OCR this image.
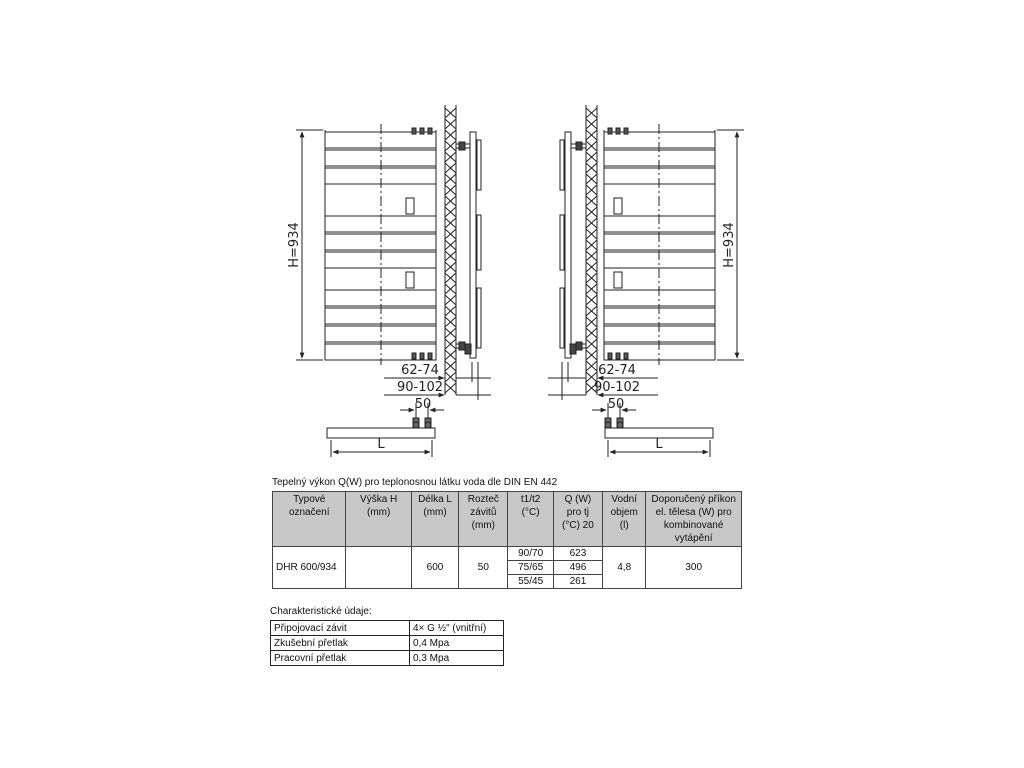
H=934
62-74
90-102
50
L
H=934
62-74
90-102
50
L
Tepelný výkon Q(W) pro teplonosnou látku voda dle DIN EN 442
Typové označení	Výška H (mm)	Délka L (mm)	Rozteč závitů (mm)	t1/t2 (°C)	Q (W) pro tj (°C) 20	Vodní objem (l)	Doporučený příkon el. tělesa (W) pro kombinované vytápění
DHR 600/934		600	50	90/70	623	4,8	300
				75/65	496		
				55/45	261		
Charakteristické údaje:
Připojovací závit	4× G ½" (vnitřní)
Zkušební přetlak	0,4 Mpa
Pracovní přetlak	0,3 Mpa
